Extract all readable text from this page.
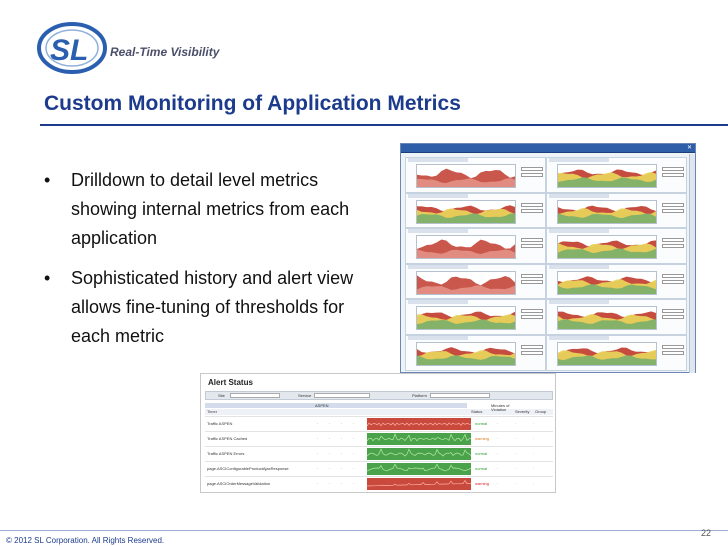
SL Real-Time Visibility
Custom Monitoring of Application Metrics
• Drilldown to detail level metrics showing internal metrics from each application
• Sophisticated history and alert view allows fine-tuning of thresholds for each metric
✕
Alert Status
Site	Service	Platform
ASPEN
Timer	Status
Minutes of Violation	Severity Group
Traffic ASPEN	·	·	·	·	normal ·	·	·
Traffic ASPEN Cached	·	·	·	·	warning ·	·	·
Traffic ASPEN Errors	·	·	·	·	normal ·	·	·
page.ASCIConfigurableProductAjaxResponse	·	·	·	·	normal ·	·	·
page.ASCIOrderMessageValidation	·	·	·	·	warning ·	·	·
© 2012 SL Corporation. All Rights Reserved.
22
